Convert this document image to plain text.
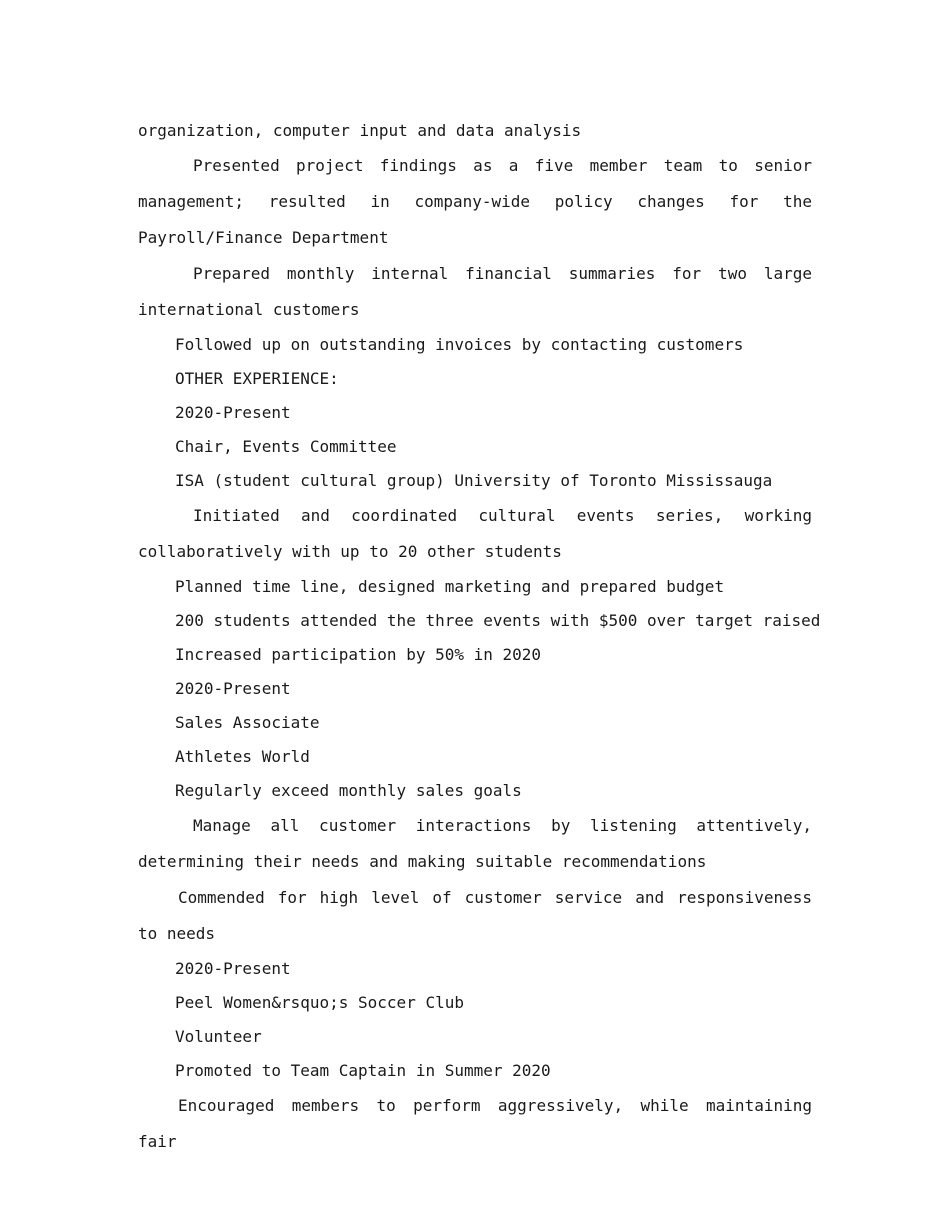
organization, computer input and data analysis

Presented project findings as a five member team to senior management; resulted in company-wide policy changes for the Payroll/Finance Department

Prepared monthly internal financial summaries for two large international customers

Followed up on outstanding invoices by contacting customers
OTHER EXPERIENCE:
2020-Present
Chair, Events Committee
ISA (student cultural group) University of Toronto Mississauga

Initiated and coordinated cultural events series, working collaboratively with up to 20 other students

Planned time line, designed marketing and prepared budget
200 students attended the three events with $500 over target raised
Increased participation by 50% in 2020
2020-Present
Sales Associate
Athletes World
Regularly exceed monthly sales goals

Manage all customer interactions by listening attentively, determining their needs and making suitable recommendations

Commended for high level of customer service and responsiveness to needs

2020-Present
Peel Women&rsquo;s Soccer Club
Volunteer
Promoted to Team Captain in Summer 2020

Encouraged members to perform aggressively, while maintaining fair
